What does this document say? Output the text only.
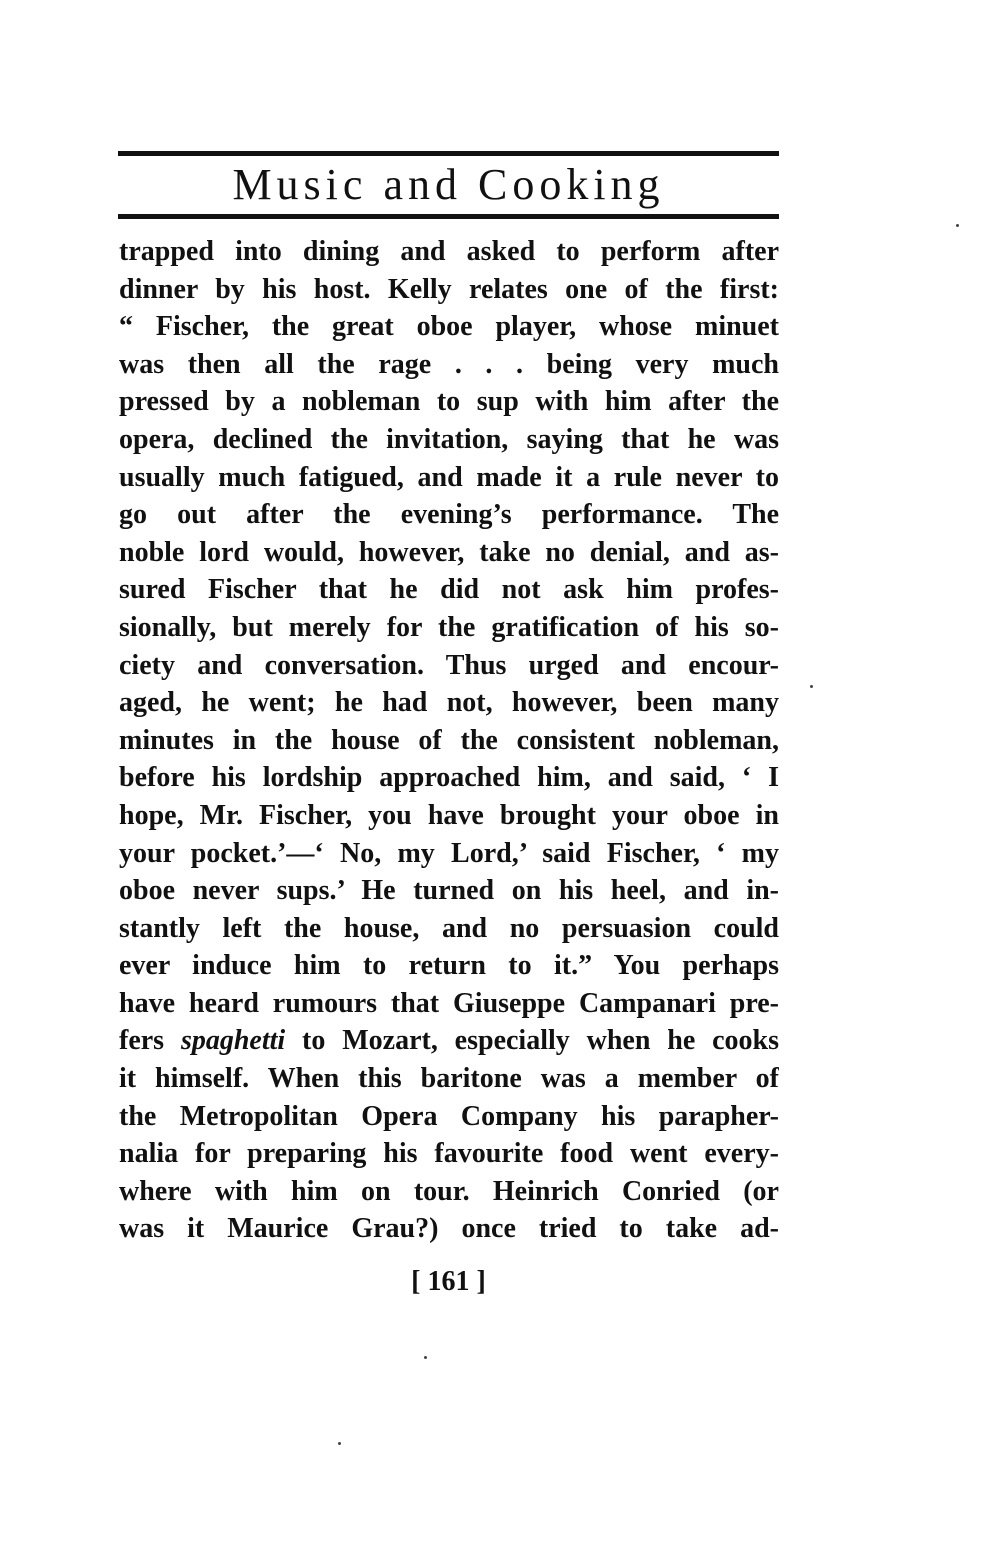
Music and Cooking
trapped into dining and asked to perform after
dinner by his host. Kelly relates one of the first:
“ Fischer, the great oboe player, whose minuet
was then all the rage . . . being very much
pressed by a nobleman to sup with him after the
opera, declined the invitation, saying that he was
usually much fatigued, and made it a rule never to
go out after the evening’s performance. The
noble lord would, however, take no denial, and as-
sured Fischer that he did not ask him profes-
sionally, but merely for the gratification of his so-
ciety and conversation. Thus urged and encour-
aged, he went; he had not, however, been many
minutes in the house of the consistent nobleman,
before his lordship approached him, and said, ‘ I
hope, Mr. Fischer, you have brought your oboe in
your pocket.’—‘ No, my Lord,’ said Fischer, ‘ my
oboe never sups.’ He turned on his heel, and in-
stantly left the house, and no persuasion could
ever induce him to return to it.” You perhaps
have heard rumours that Giuseppe Campanari pre-
fers spaghetti to Mozart, especially when he cooks
it himself. When this baritone was a member of
the Metropolitan Opera Company his parapher-
nalia for preparing his favourite food went every-
where with him on tour. Heinrich Conried (or
was it Maurice Grau?) once tried to take ad-
[ 161 ]
